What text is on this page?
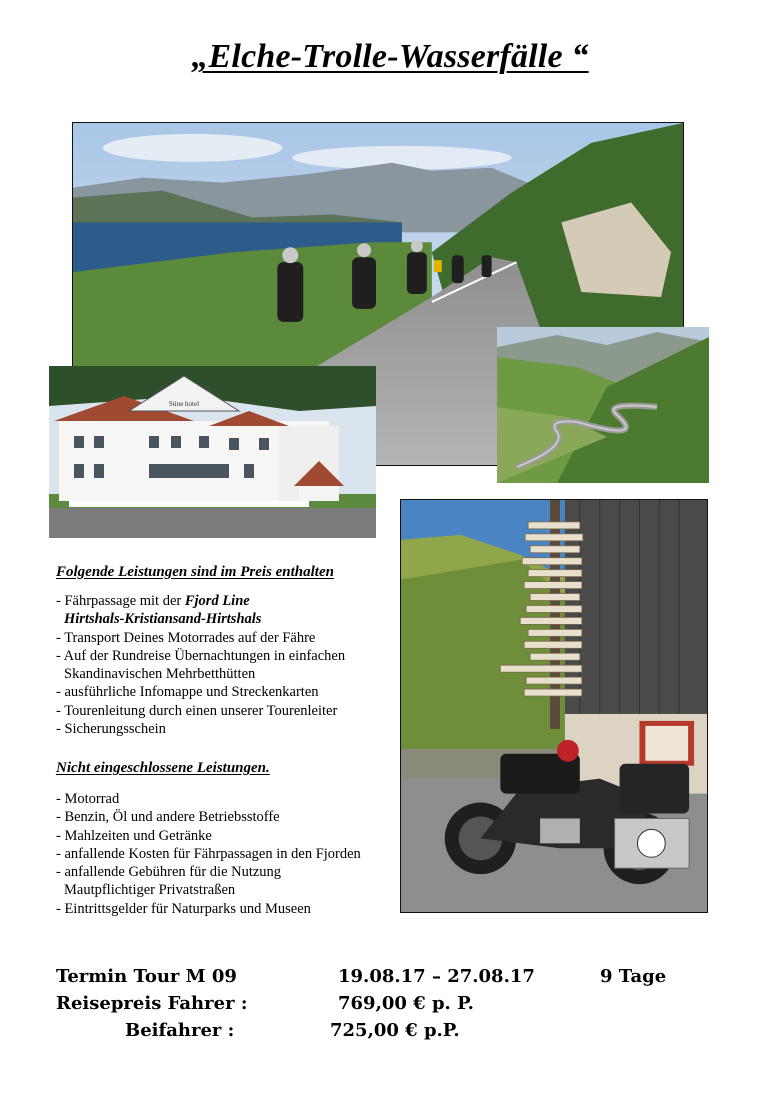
„Elche-Trolle-Wasserfälle “
Stine hotel
Folgende Leistungen sind im Preis enthalten
- Fährpassage mit der Fjord Line
Hirtshals-Kristiansand-Hirtshals
- Transport Deines Motorrades auf der Fähre
- Auf der Rundreise Übernachtungen in einfachen
Skandinavischen Mehrbetthütten
- ausführliche Infomappe und Streckenkarten
- Tourenleitung durch einen unserer Tourenleiter
- Sicherungsschein
Nicht eingeschlossene Leistungen.
- Motorrad
- Benzin, Öl und andere Betriebsstoffe
- Mahlzeiten und Getränke
- anfallende Kosten für Fährpassagen in den Fjorden
- anfallende Gebühren für die Nutzung
Mautpflichtiger Privatstraßen
- Eintrittsgelder für Naturparks und Museen
Termin Tour M 09	19.08.17 – 27.08.17	9 Tage
Reisepreis Fahrer :	769,00 € p. P.
Beifahrer :	725,00 € p.P.
